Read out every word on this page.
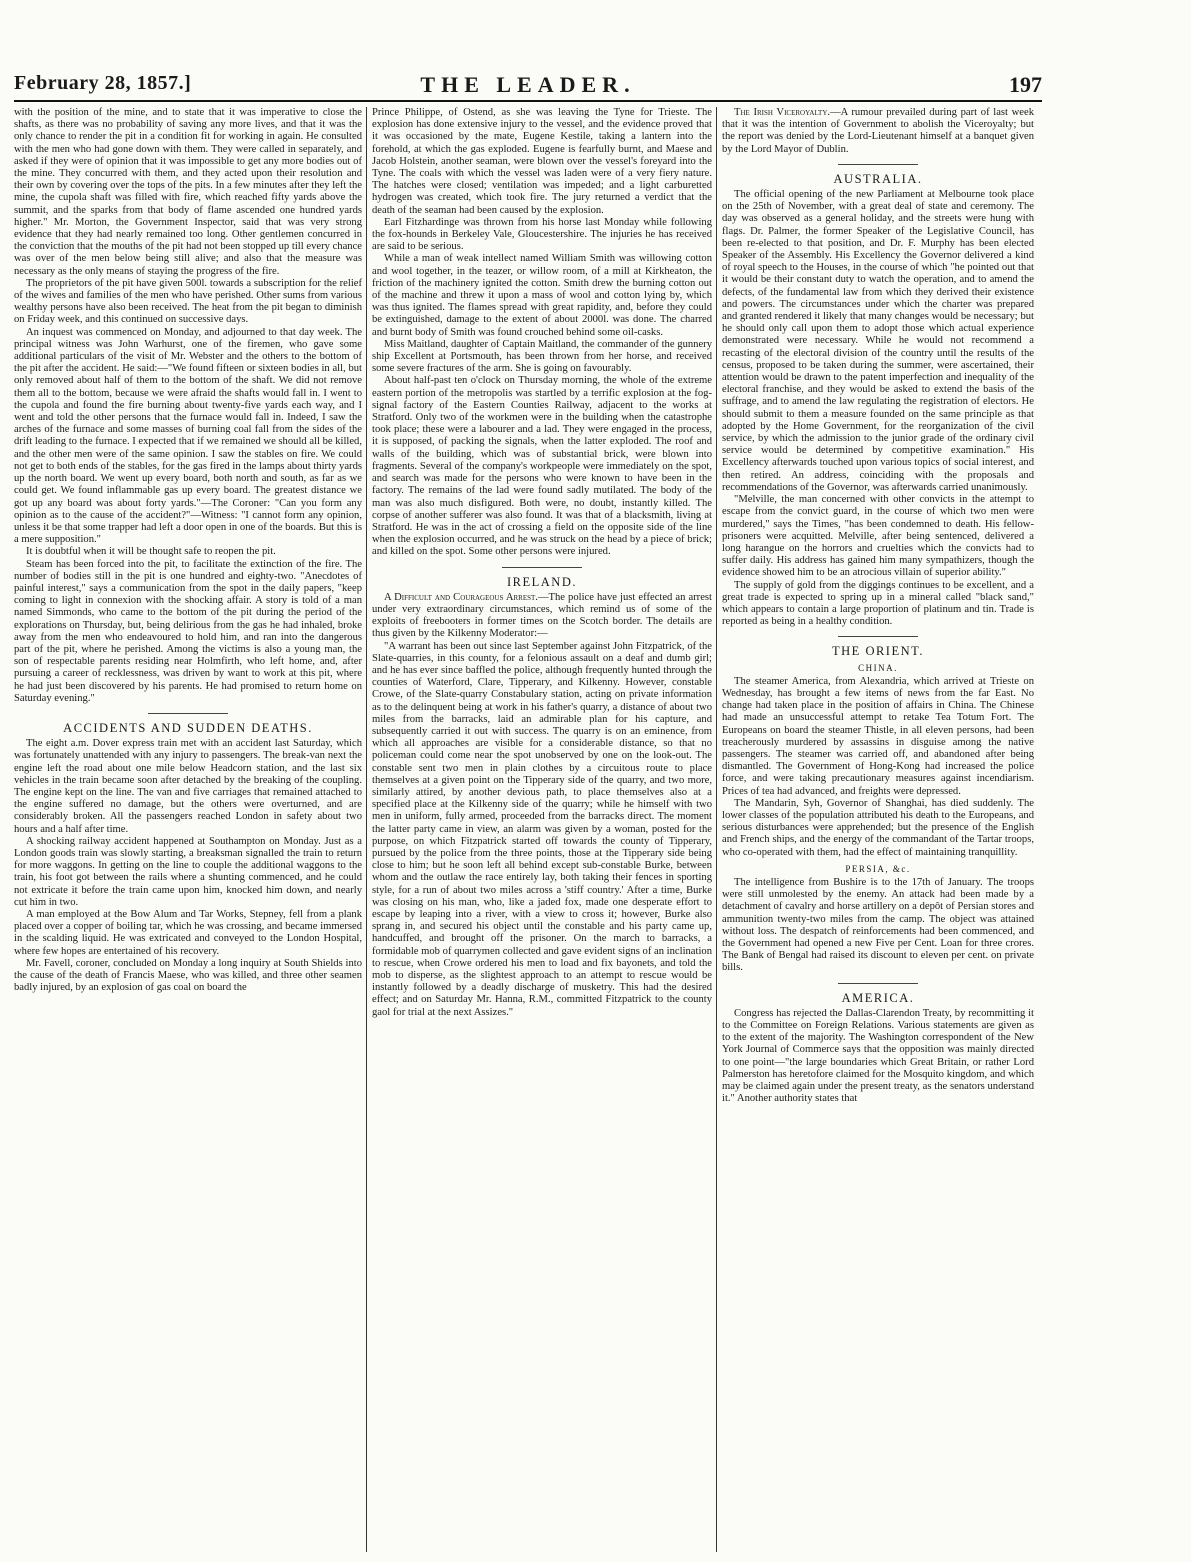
THE LEADER.
February 28, 1857.]	197

with the position of the mine, and to state that it was imperative to close the shafts, as there was no probability of saving any more lives, and that it was the only chance to render the pit in a condition fit for working in again. He consulted with the men who had gone down with them. They were called in separately, and asked if they were of opinion that it was impossible to get any more bodies out of the mine. They concurred with them, and they acted upon their resolution and their own by covering over the tops of the pits. In a few minutes after they left the mine, the cupola shaft was filled with fire, which reached fifty yards above the summit, and the sparks from that body of flame ascended one hundred yards higher." Mr. Morton, the Government Inspector, said that was very strong evidence that they had nearly remained too long. Other gentlemen concurred in the conviction that the mouths of the pit had not been stopped up till every chance was over of the men below being still alive; and also that the measure was necessary as the only means of staying the progress of the fire.

The proprietors of the pit have given 500l. towards a subscription for the relief of the wives and families of the men who have perished. Other sums from various wealthy persons have also been received. The heat from the pit began to diminish on Friday week, and this continued on successive days.

An inquest was commenced on Monday, and adjourned to that day week. The principal witness was John Warhurst, one of the firemen, who gave some additional particulars of the visit of Mr. Webster and the others to the bottom of the pit after the accident. He said:—"We found fifteen or sixteen bodies in all, but only removed about half of them to the bottom of the shaft. We did not remove them all to the bottom, because we were afraid the shafts would fall in. I went to the cupola and found the fire burning about twenty-five yards each way, and I went and told the other persons that the furnace would fall in. Indeed, I saw the arches of the furnace and some masses of burning coal fall from the sides of the drift leading to the furnace. I expected that if we remained we should all be killed, and the other men were of the same opinion. I saw the stables on fire. We could not get to both ends of the stables, for the gas fired in the lamps about thirty yards up the north board. We went up every board, both north and south, as far as we could get. We found inflammable gas up every board. The greatest distance we got up any board was about forty yards."—The Coroner: "Can you form any opinion as to the cause of the accident?"—Witness: "I cannot form any opinion, unless it be that some trapper had left a door open in one of the boards. But this is a mere supposition."

It is doubtful when it will be thought safe to reopen the pit.

Steam has been forced into the pit, to facilitate the extinction of the fire. The number of bodies still in the pit is one hundred and eighty-two. "Anecdotes of painful interest," says a communication from the spot in the daily papers, "keep coming to light in connexion with the shocking affair. A story is told of a man named Simmonds, who came to the bottom of the pit during the period of the explorations on Thursday, but, being delirious from the gas he had inhaled, broke away from the men who endeavoured to hold him, and ran into the dangerous part of the pit, where he perished. Among the victims is also a young man, the son of respectable parents residing near Holmfirth, who left home, and, after pursuing a career of recklessness, was driven by want to work at this pit, where he had just been discovered by his parents. He had promised to return home on Saturday evening."

ACCIDENTS AND SUDDEN DEATHS.

The eight a.m. Dover express train met with an accident last Saturday, which was fortunately unattended with any injury to passengers. The break-van next the engine left the road about one mile below Headcorn station, and the last six vehicles in the train became soon after detached by the breaking of the coupling. The engine kept on the line. The van and five carriages that remained attached to the engine suffered no damage, but the others were overturned, and are considerably broken. All the passengers reached London in safety about two hours and a half after time.

A shocking railway accident happened at Southampton on Monday. Just as a London goods train was slowly starting, a breaksman signalled the train to return for more waggons. In getting on the line to couple the additional waggons to the train, his foot got between the rails where a shunting commenced, and he could not extricate it before the train came upon him, knocked him down, and nearly cut him in two.

A man employed at the Bow Alum and Tar Works, Stepney, fell from a plank placed over a copper of boiling tar, which he was crossing, and became immersed in the scalding liquid. He was extricated and conveyed to the London Hospital, where few hopes are entertained of his recovery.

Mr. Favell, coroner, concluded on Monday a long inquiry at South Shields into the cause of the death of Francis Maese, who was killed, and three other seamen badly injured, by an explosion of gas coal on board the

Prince Philippe, of Ostend, as she was leaving the Tyne for Trieste. The explosion has done extensive injury to the vessel, and the evidence proved that it was occasioned by the mate, Eugene Kestile, taking a lantern into the forehold, at which the gas exploded. Eugene is fearfully burnt, and Maese and Jacob Holstein, another seaman, were blown over the vessel's foreyard into the Tyne. The coals with which the vessel was laden were of a very fiery nature. The hatches were closed; ventilation was impeded; and a light carburetted hydrogen was created, which took fire. The jury returned a verdict that the death of the seaman had been caused by the explosion.

Earl Fitzhardinge was thrown from his horse last Monday while following the fox-hounds in Berkeley Vale, Gloucestershire. The injuries he has received are said to be serious.

While a man of weak intellect named William Smith was willowing cotton and wool together, in the teazer, or willow room, of a mill at Kirkheaton, the friction of the machinery ignited the cotton. Smith drew the burning cotton out of the machine and threw it upon a mass of wool and cotton lying by, which was thus ignited. The flames spread with great rapidity, and, before they could be extinguished, damage to the extent of about 2000l. was done. The charred and burnt body of Smith was found crouched behind some oil-casks.

Miss Maitland, daughter of Captain Maitland, the commander of the gunnery ship Excellent at Portsmouth, has been thrown from her horse, and received some severe fractures of the arm. She is going on favourably.

About half-past ten o'clock on Thursday morning, the whole of the extreme eastern portion of the metropolis was startled by a terrific explosion at the fog-signal factory of the Eastern Counties Railway, adjacent to the works at Stratford. Only two of the workmen were in the building when the catastrophe took place; these were a labourer and a lad. They were engaged in the process, it is supposed, of packing the signals, when the latter exploded. The roof and walls of the building, which was of substantial brick, were blown into fragments. Several of the company's workpeople were immediately on the spot, and search was made for the persons who were known to have been in the factory. The remains of the lad were found sadly mutilated. The body of the man was also much disfigured. Both were, no doubt, instantly killed. The corpse of another sufferer was also found. It was that of a blacksmith, living at Stratford. He was in the act of crossing a field on the opposite side of the line when the explosion occurred, and he was struck on the head by a piece of brick; and killed on the spot. Some other persons were injured.

IRELAND.

A Difficult and Courageous Arrest.—The police have just effected an arrest under very extraordinary circumstances, which remind us of some of the exploits of freebooters in former times on the Scotch border. The details are thus given by the Kilkenny Moderator:—

"A warrant has been out since last September against John Fitzpatrick, of the Slate-quarries, in this county, for a felonious assault on a deaf and dumb girl; and he has ever since baffled the police, although frequently hunted through the counties of Waterford, Clare, Tipperary, and Kilkenny. However, constable Crowe, of the Slate-quarry Constabulary station, acting on private information as to the delinquent being at work in his father's quarry, a distance of about two miles from the barracks, laid an admirable plan for his capture, and subsequently carried it out with success. The quarry is on an eminence, from which all approaches are visible for a considerable distance, so that no policeman could come near the spot unobserved by one on the look-out. The constable sent two men in plain clothes by a circuitous route to place themselves at a given point on the Tipperary side of the quarry, and two more, similarly attired, by another devious path, to place themselves also at a specified place at the Kilkenny side of the quarry; while he himself with two men in uniform, fully armed, proceeded from the barracks direct. The moment the latter party came in view, an alarm was given by a woman, posted for the purpose, on which Fitzpatrick started off towards the county of Tipperary, pursued by the police from the three points, those at the Tipperary side being close to him; but he soon left all behind except sub-constable Burke, between whom and the outlaw the race entirely lay, both taking their fences in sporting style, for a run of about two miles across a 'stiff country.' After a time, Burke was closing on his man, who, like a jaded fox, made one desperate effort to escape by leaping into a river, with a view to cross it; however, Burke also sprang in, and secured his object until the constable and his party came up, handcuffed, and brought off the prisoner. On the march to barracks, a formidable mob of quarrymen collected and gave evident signs of an inclination to rescue, when Crowe ordered his men to load and fix bayonets, and told the mob to disperse, as the slightest approach to an attempt to rescue would be instantly followed by a deadly discharge of musketry. This had the desired effect; and on Saturday Mr. Hanna, R.M., committed Fitzpatrick to the county gaol for trial at the next Assizes."

The Irish Viceroyalty.—A rumour prevailed during part of last week that it was the intention of Government to abolish the Viceroyalty; but the report was denied by the Lord-Lieutenant himself at a banquet given by the Lord Mayor of Dublin.

AUSTRALIA.

The official opening of the new Parliament at Melbourne took place on the 25th of November, with a great deal of state and ceremony. The day was observed as a general holiday, and the streets were hung with flags. Dr. Palmer, the former Speaker of the Legislative Council, has been re-elected to that position, and Dr. F. Murphy has been elected Speaker of the Assembly. His Excellency the Governor delivered a kind of royal speech to the Houses, in the course of which "he pointed out that it would be their constant duty to watch the operation, and to amend the defects, of the fundamental law from which they derived their existence and powers. The circumstances under which the charter was prepared and granted rendered it likely that many changes would be necessary; but he should only call upon them to adopt those which actual experience demonstrated were necessary. While he would not recommend a recasting of the electoral division of the country until the results of the census, proposed to be taken during the summer, were ascertained, their attention would be drawn to the patent imperfection and inequality of the electoral franchise, and they would be asked to extend the basis of the suffrage, and to amend the law regulating the registration of electors. He should submit to them a measure founded on the same principle as that adopted by the Home Government, for the reorganization of the civil service, by which the admission to the junior grade of the ordinary civil service would be determined by competitive examination." His Excellency afterwards touched upon various topics of social interest, and then retired. An address, coinciding with the proposals and recommendations of the Governor, was afterwards carried unanimously.

"Melville, the man concerned with other convicts in the attempt to escape from the convict guard, in the course of which two men were murdered," says the Times, "has been condemned to death. His fellow-prisoners were acquitted. Melville, after being sentenced, delivered a long harangue on the horrors and cruelties which the convicts had to suffer daily. His address has gained him many sympathizers, though the evidence showed him to be an atrocious villain of superior ability."

The supply of gold from the diggings continues to be excellent, and a great trade is expected to spring up in a mineral called "black sand," which appears to contain a large proportion of platinum and tin. Trade is reported as being in a healthy condition.

THE ORIENT.
CHINA.

The steamer America, from Alexandria, which arrived at Trieste on Wednesday, has brought a few items of news from the far East. No change had taken place in the position of affairs in China. The Chinese had made an unsuccessful attempt to retake Tea Totum Fort. The Europeans on board the steamer Thistle, in all eleven persons, had been treacherously murdered by assassins in disguise among the native passengers. The steamer was carried off, and abandoned after being dismantled. The Government of Hong-Kong had increased the police force, and were taking precautionary measures against incendiarism. Prices of tea had advanced, and freights were depressed.

The Mandarin, Syh, Governor of Shanghai, has died suddenly. The lower classes of the population attributed his death to the Europeans, and serious disturbances were apprehended; but the presence of the English and French ships, and the energy of the commandant of the Tartar troops, who co-operated with them, had the effect of maintaining tranquillity.

PERSIA, &c.

The intelligence from Bushire is to the 17th of January. The troops were still unmolested by the enemy. An attack had been made by a detachment of cavalry and horse artillery on a depôt of Persian stores and ammunition twenty-two miles from the camp. The object was attained without loss. The despatch of reinforcements had been commenced, and the Government had opened a new Five per Cent. Loan for three crores. The Bank of Bengal had raised its discount to eleven per cent. on private bills.

AMERICA.

Congress has rejected the Dallas-Clarendon Treaty, by recommitting it to the Committee on Foreign Relations. Various statements are given as to the extent of the majority. The Washington correspondent of the New York Journal of Commerce says that the opposition was mainly directed to one point—"the large boundaries which Great Britain, or rather Lord Palmerston has heretofore claimed for the Mosquito kingdom, and which may be claimed again under the present treaty, as the senators understand it." Another authority states that
